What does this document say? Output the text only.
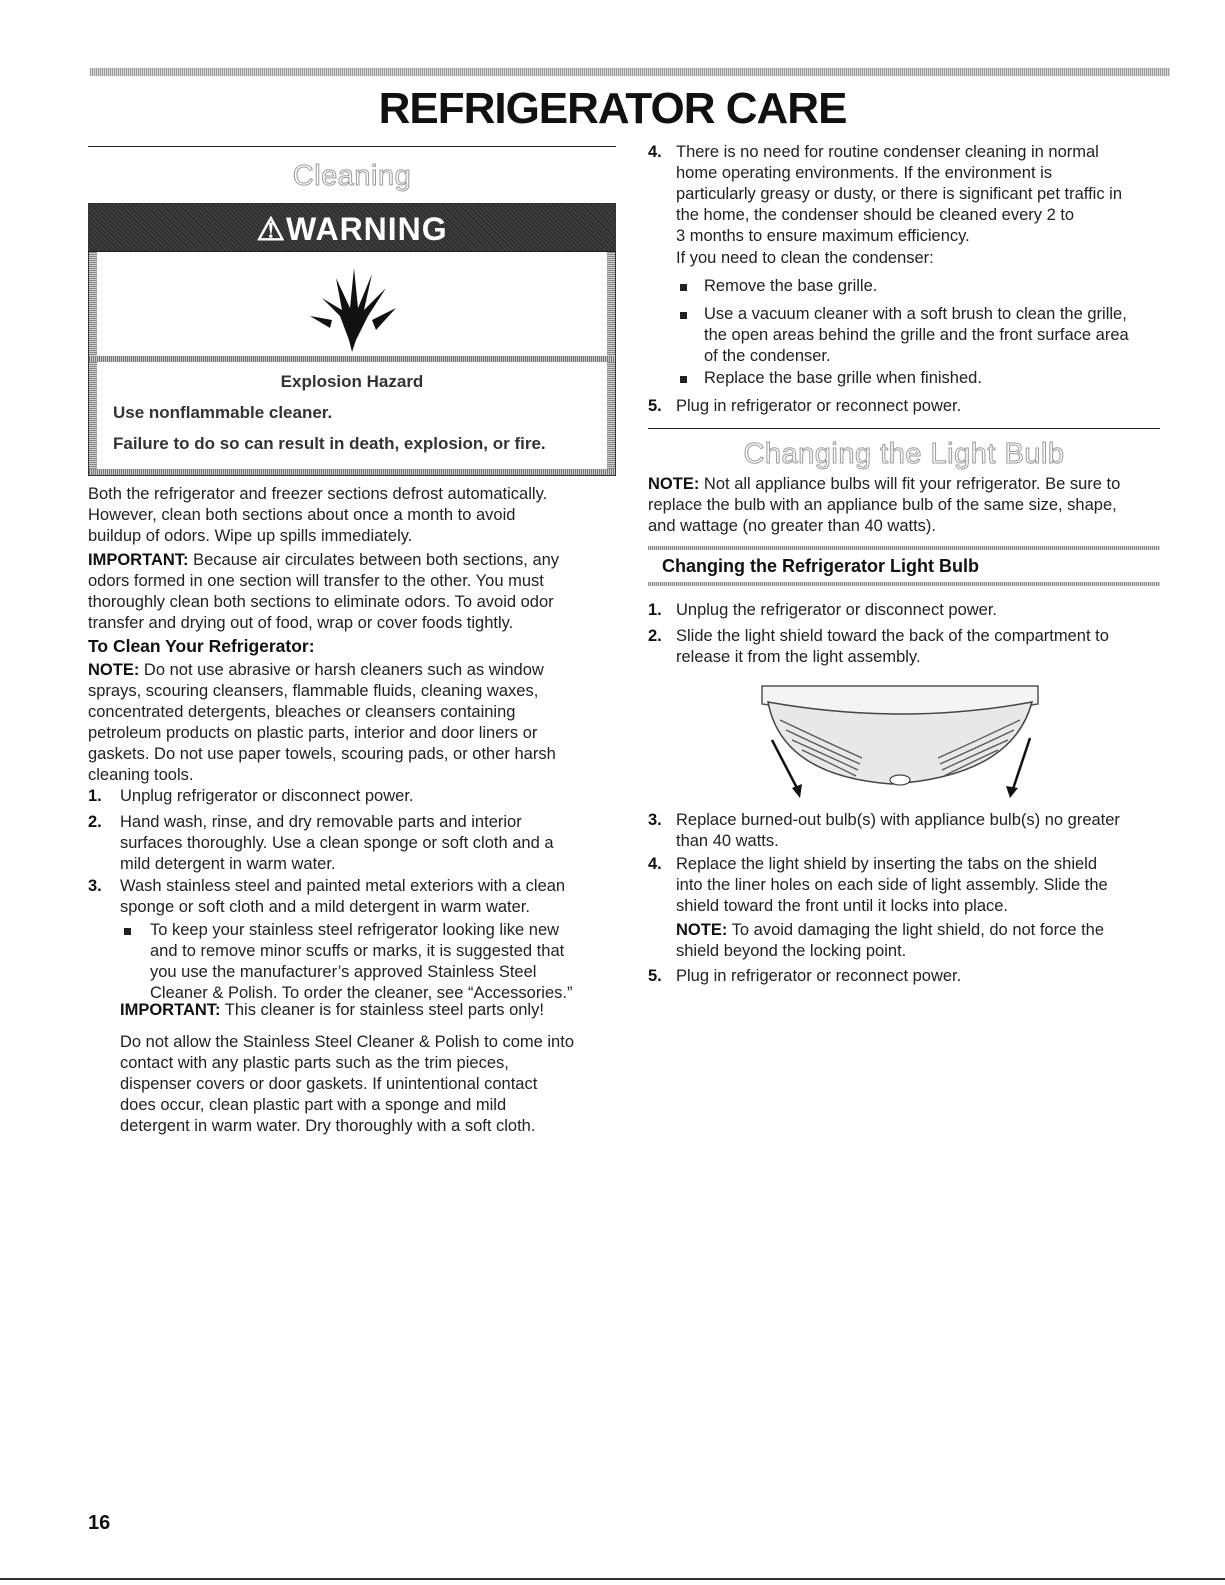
REFRIGERATOR CARE
Cleaning
⚠WARNING
Explosion Hazard
Use nonflammable cleaner.
Failure to do so can result in death, explosion, or fire.
Both the refrigerator and freezer sections defrost automatically.
However, clean both sections about once a month to avoid
buildup of odors. Wipe up spills immediately.
IMPORTANT: Because air circulates between both sections, any
odors formed in one section will transfer to the other. You must
thoroughly clean both sections to eliminate odors. To avoid odor
transfer and drying out of food, wrap or cover foods tightly.
To Clean Your Refrigerator:
NOTE: Do not use abrasive or harsh cleaners such as window
sprays, scouring cleansers, flammable fluids, cleaning waxes,
concentrated detergents, bleaches or cleansers containing
petroleum products on plastic parts, interior and door liners or
gaskets. Do not use paper towels, scouring pads, or other harsh
cleaning tools.
1. Unplug refrigerator or disconnect power.
2. Hand wash, rinse, and dry removable parts and interior
surfaces thoroughly. Use a clean sponge or soft cloth and a
mild detergent in warm water.
3. Wash stainless steel and painted metal exteriors with a clean
sponge or soft cloth and a mild detergent in warm water.
To keep your stainless steel refrigerator looking like new
and to remove minor scuffs or marks, it is suggested that
you use the manufacturer’s approved Stainless Steel
Cleaner & Polish. To order the cleaner, see “Accessories.”
IMPORTANT: This cleaner is for stainless steel parts only!
Do not allow the Stainless Steel Cleaner & Polish to come into
contact with any plastic parts such as the trim pieces,
dispenser covers or door gaskets. If unintentional contact
does occur, clean plastic part with a sponge and mild
detergent in warm water. Dry thoroughly with a soft cloth.
4. There is no need for routine condenser cleaning in normal
home operating environments. If the environment is
particularly greasy or dusty, or there is significant pet traffic in
the home, the condenser should be cleaned every 2 to
3 months to ensure maximum efficiency.
If you need to clean the condenser:
Remove the base grille.
Use a vacuum cleaner with a soft brush to clean the grille,
the open areas behind the grille and the front surface area
of the condenser.
Replace the base grille when finished.
5. Plug in refrigerator or reconnect power.
Changing the Light Bulb
NOTE: Not all appliance bulbs will fit your refrigerator. Be sure to
replace the bulb with an appliance bulb of the same size, shape,
and wattage (no greater than 40 watts).
Changing the Refrigerator Light Bulb
1. Unplug the refrigerator or disconnect power.
2. Slide the light shield toward the back of the compartment to
release it from the light assembly.
3. Replace burned-out bulb(s) with appliance bulb(s) no greater
than 40 watts.
4. Replace the light shield by inserting the tabs on the shield
into the liner holes on each side of light assembly. Slide the
shield toward the front until it locks into place.
NOTE: To avoid damaging the light shield, do not force the
shield beyond the locking point.
5. Plug in refrigerator or reconnect power.
16
